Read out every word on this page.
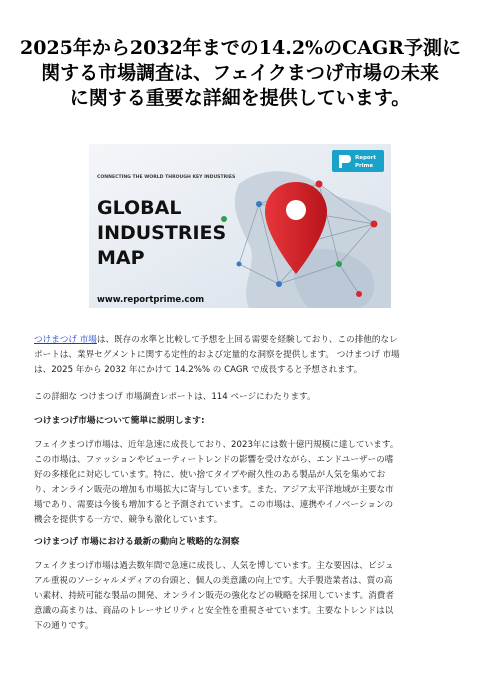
2025年から2032年までの14.2%のCAGR予測に
関する市場調査は、フェイクまつげ市場の未来
に関する重要な詳細を提供しています。
Report
Prime
CONNECTING THE WORLD THROUGH KEY INDUSTRIES
GLOBAL
INDUSTRIES
MAP
www.reportprime.com

つけまつげ 市場は、既存の水準と比較して予想を上回る需要を経験しており、この排他的なレ
ポートは、業界セグメントに関する定性的および定量的な洞察を提供します。 つけまつげ 市場
は、2025 年から 2032 年にかけて 14.2%% の CAGR で成長すると予想されます。

この詳細な つけまつげ 市場調査レポートは、114 ページにわたります。

つけまつげ市場について簡単に説明します:

フェイクまつげ市場は、近年急速に成長しており、2023年には数十億円規模に達しています。
この市場は、ファッションやビューティートレンドの影響を受けながら、エンドユーザーの嗜
好の多様化に対応しています。特に、使い捨てタイプや耐久性のある製品が人気を集めてお
り、オンライン販売の増加も市場拡大に寄与しています。また、アジア太平洋地域が主要な市
場であり、需要は今後も増加すると予測されています。この市場は、連携やイノベーションの
機会を提供する一方で、競争も激化しています。

つけまつげ 市場における最新の動向と戦略的な洞察

フェイクまつげ市場は過去数年間で急速に成長し、人気を博しています。主な要因は、ビジュ
アル重視のソーシャルメディアの台頭と、個人の美意識の向上です。大手製造業者は、質の高
い素材、持続可能な製品の開発、オンライン販売の強化などの戦略を採用しています。消費者
意識の高まりは、商品のトレーサビリティと安全性を重視させています。主要なトレンドは以
下の通りです。
